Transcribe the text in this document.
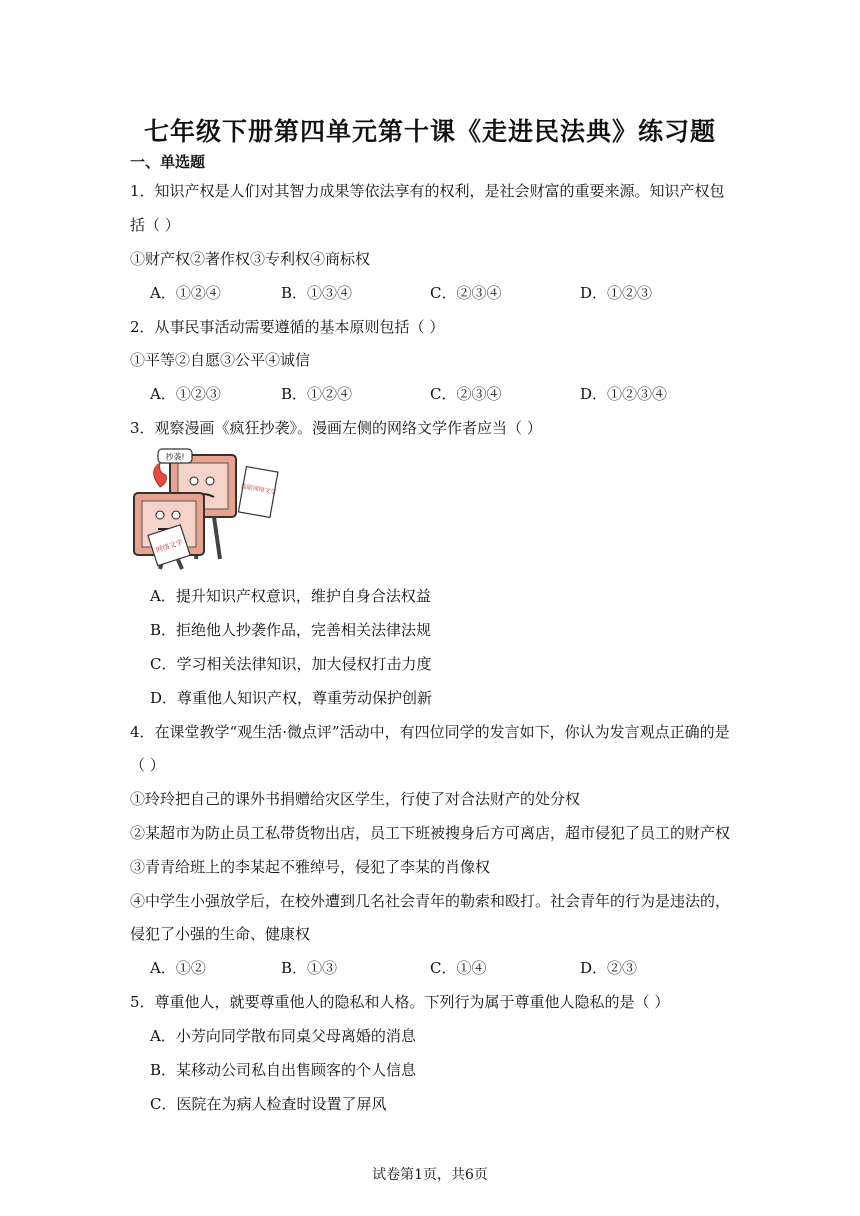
七年级下册第四单元第十课《走进民法典》练习题
一、单选题
1．知识产权是人们对其智力成果等依法享有的权利，是社会财富的重要来源。知识产权包
括（ ）
①财产权②著作权③专利权④商标权
A．①②④	B．①③④	C．②③④	D．①②③
2．从事民事活动需要遵循的基本原则包括（ ）
①平等②自愿③公平④诚信
A．①②③	B．①②④	C．②③④	D．①②③④
3．观察漫画《疯狂抄袭》。漫画左侧的网络文学作者应当（ ）
抄袭!
盗版网络文学
网络文学
A．提升知识产权意识，维护自身合法权益
B．拒绝他人抄袭作品，完善相关法律法规
C．学习相关法律知识，加大侵权打击力度
D．尊重他人知识产权，尊重劳动保护创新
4．在课堂教学“观生活·微点评”活动中，有四位同学的发言如下，你认为发言观点正确的是
（ ）
①玲玲把自己的课外书捐赠给灾区学生，行使了对合法财产的处分权
②某超市为防止员工私带货物出店，员工下班被搜身后方可离店，超市侵犯了员工的财产权
③青青给班上的李某起不雅绰号，侵犯了李某的肖像权
④中学生小强放学后，在校外遭到几名社会青年的勒索和殴打。社会青年的行为是违法的，
侵犯了小强的生命、健康权
A．①②	B．①③	C．①④	D．②③
5．尊重他人，就要尊重他人的隐私和人格。下列行为属于尊重他人隐私的是（ ）
A．小芳向同学散布同桌父母离婚的消息
B．某移动公司私自出售顾客的个人信息
C．医院在为病人检查时设置了屏风
试卷第1页，共6页
